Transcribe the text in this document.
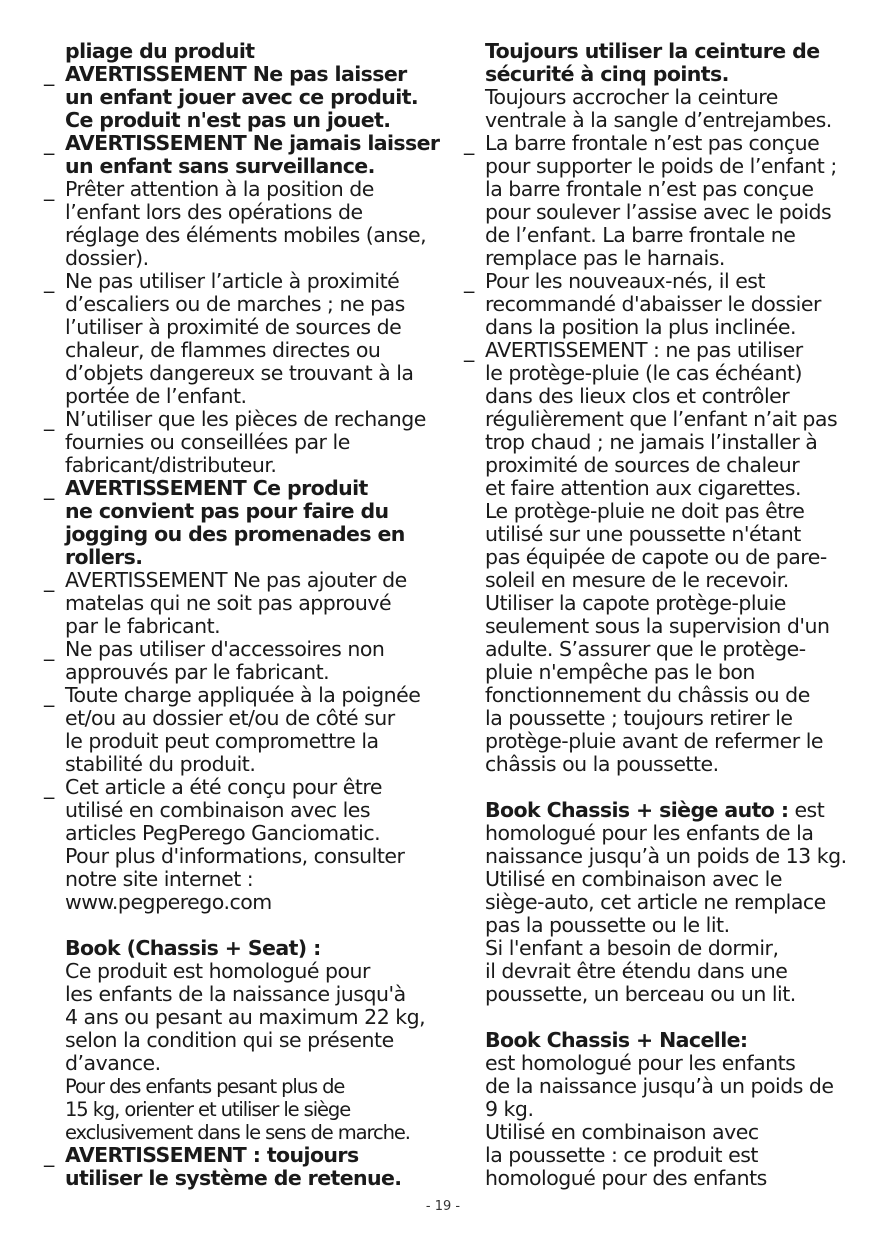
pliage du produit
_ AVERTISSEMENT Ne pas laisser
un enfant jouer avec ce produit.
Ce produit n'est pas un jouet.
_ AVERTISSEMENT Ne jamais laisser
un enfant sans surveillance.
_ Prêter attention à la position de
l’enfant lors des opérations de
réglage des éléments mobiles (anse,
dossier).
_ Ne pas utiliser l’article à proximité
d’escaliers ou de marches ; ne pas
l’utiliser à proximité de sources de
chaleur, de flammes directes ou
d’objets dangereux se trouvant à la
portée de l’enfant.
_ N’utiliser que les pièces de rechange
fournies ou conseillées par le
fabricant/distributeur.
_ AVERTISSEMENT Ce produit
ne convient pas pour faire du
jogging ou des promenades en
rollers.
_ AVERTISSEMENT Ne pas ajouter de
matelas qui ne soit pas approuvé
par le fabricant.
_ Ne pas utiliser d'accessoires non
approuvés par le fabricant.
_ Toute charge appliquée à la poignée
et/ou au dossier et/ou de côté sur
le produit peut compromettre la
stabilité du produit.
_ Cet article a été conçu pour être
utilisé en combinaison avec les
articles PegPerego Ganciomatic.
Pour plus d'informations, consulter
notre site internet :
www.pegperego.com
Book (Chassis + Seat) :
Ce produit est homologué pour
les enfants de la naissance jusqu'à
4 ans ou pesant au maximum 22 kg,
selon la condition qui se présente
d’avance.
Pour des enfants pesant plus de
15 kg, orienter et utiliser le siège
exclusivement dans le sens de marche.
_ AVERTISSEMENT : toujours
utiliser le système de retenue.
Toujours utiliser la ceinture de
sécurité à cinq points.
Toujours accrocher la ceinture
ventrale à la sangle d’entrejambes.
_ La barre frontale n’est pas conçue
pour supporter le poids de l’enfant ;
la barre frontale n’est pas conçue
pour soulever l’assise avec le poids
de l’enfant. La barre frontale ne
remplace pas le harnais.
_ Pour les nouveaux-nés, il est
recommandé d'abaisser le dossier
dans la position la plus inclinée.
_ AVERTISSEMENT : ne pas utiliser
le protège-pluie (le cas échéant)
dans des lieux clos et contrôler
régulièrement que l’enfant n’ait pas
trop chaud ; ne jamais l’installer à
proximité de sources de chaleur
et faire attention aux cigarettes.
Le protège-pluie ne doit pas être
utilisé sur une poussette n'étant
pas équipée de capote ou de pare-
soleil en mesure de le recevoir.
Utiliser la capote protège-pluie
seulement sous la supervision d'un
adulte. S’assurer que le protège-
pluie n'empêche pas le bon
fonctionnement du châssis ou de
la poussette ; toujours retirer le
protège-pluie avant de refermer le
châssis ou la poussette.
Book Chassis + siège auto : est
homologué pour les enfants de la
naissance jusqu’à un poids de 13 kg.
Utilisé en combinaison avec le
siège-auto, cet article ne remplace
pas la poussette ou le lit.
Si l'enfant a besoin de dormir,
il devrait être étendu dans une
poussette, un berceau ou un lit.
Book Chassis + Nacelle:
est homologué pour les enfants
de la naissance jusqu’à un poids de
9 kg.
Utilisé en combinaison avec
la poussette : ce produit est
homologué pour des enfants
- 19 -
